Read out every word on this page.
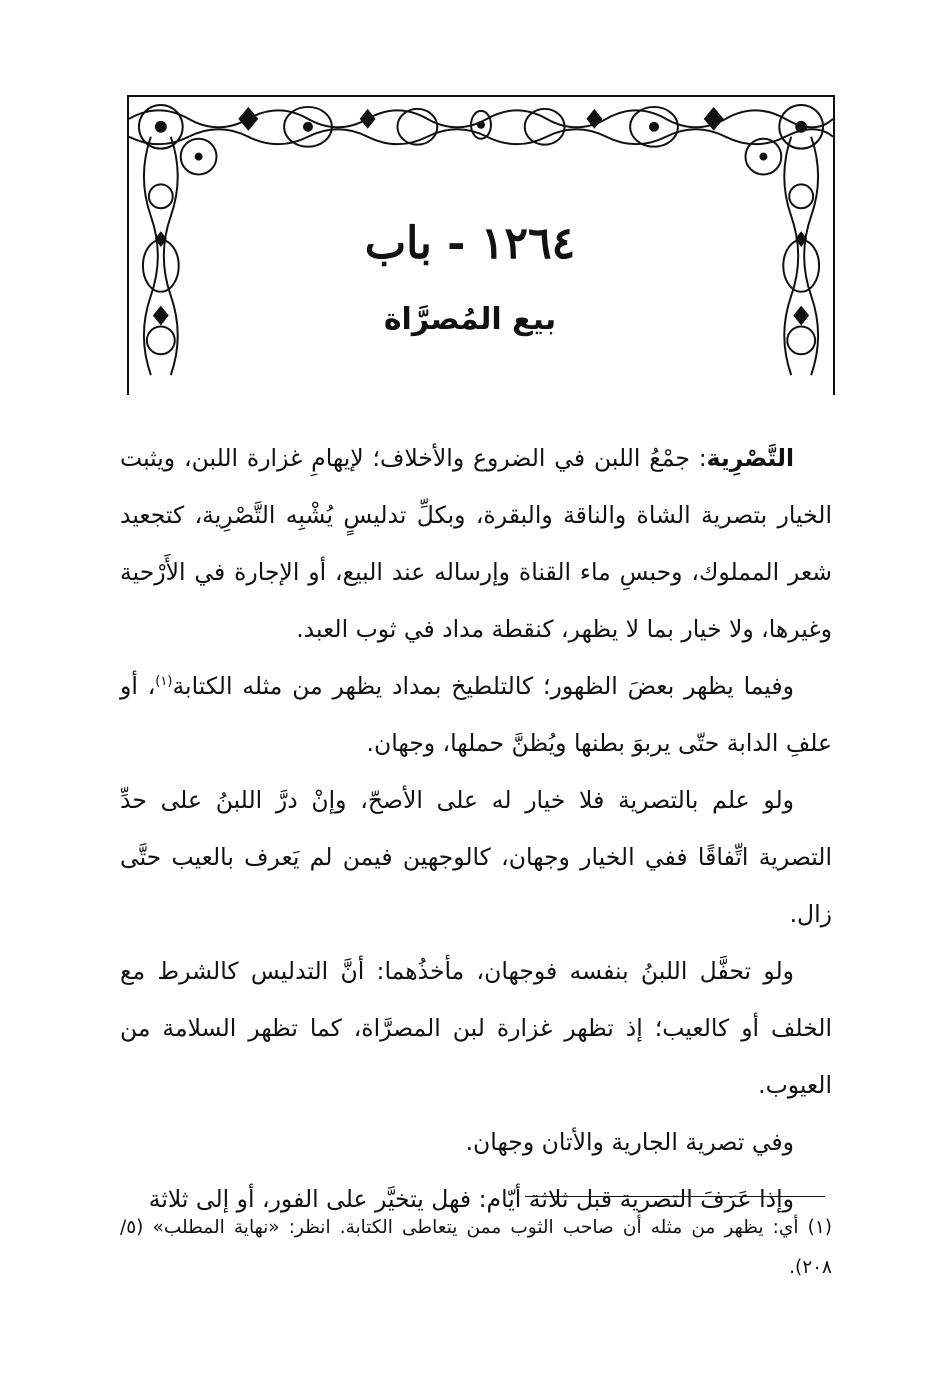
١٢٦٤ - باب
بيع المُصرَّاة

التَّصْرِية: جمْعُ اللبن في الضروع والأخلاف؛ لإيهامِ غزارة اللبن، ويثبت الخيار بتصرية الشاة والناقة والبقرة، وبكلِّ تدليسٍ يُشْبِه التَّصْرِية، كتجعيد شعر المملوك، وحبسِ ماء القناة وإرساله عند البيع، أو الإجارة في الأَرْحية وغيرها، ولا خيار بما لا يظهر، كنقطة مداد في ثوب العبد.

وفيما يظهر بعضَ الظهور؛ كالتلطيخ بمداد يظهر من مثله الكتابة$^{(١)}$، أو علفِ الدابة حتّى يربوَ بطنها ويُظنَّ حملها، وجهان.

ولو علم بالتصرية فلا خيار له على الأصحّ، وإنْ درَّ اللبنُ على حدِّ التصرية اتِّفاقًا ففي الخيار وجهان، كالوجهين فيمن لم يَعرف بالعيب حتَّى زال.

ولو تحفَّل اللبنُ بنفسه فوجهان، مأخذُهما: أنَّ التدليس كالشرط مع الخلف أو كالعيب؛ إذ تظهر غزارة لبن المصرَّاة، كما تظهر السلامة من العيوب.

وفي تصرية الجارية والأتان وجهان.

وإذا عَرَفَ التصرية قبل ثلاثة أيّام: فهل يتخيَّر على الفور، أو إلى ثلاثة

(١) أي: يظهر من مثله أن صاحب الثوب ممن يتعاطى الكتابة. انظر: «نهاية المطلب» (٥/ ٢٠٨).
